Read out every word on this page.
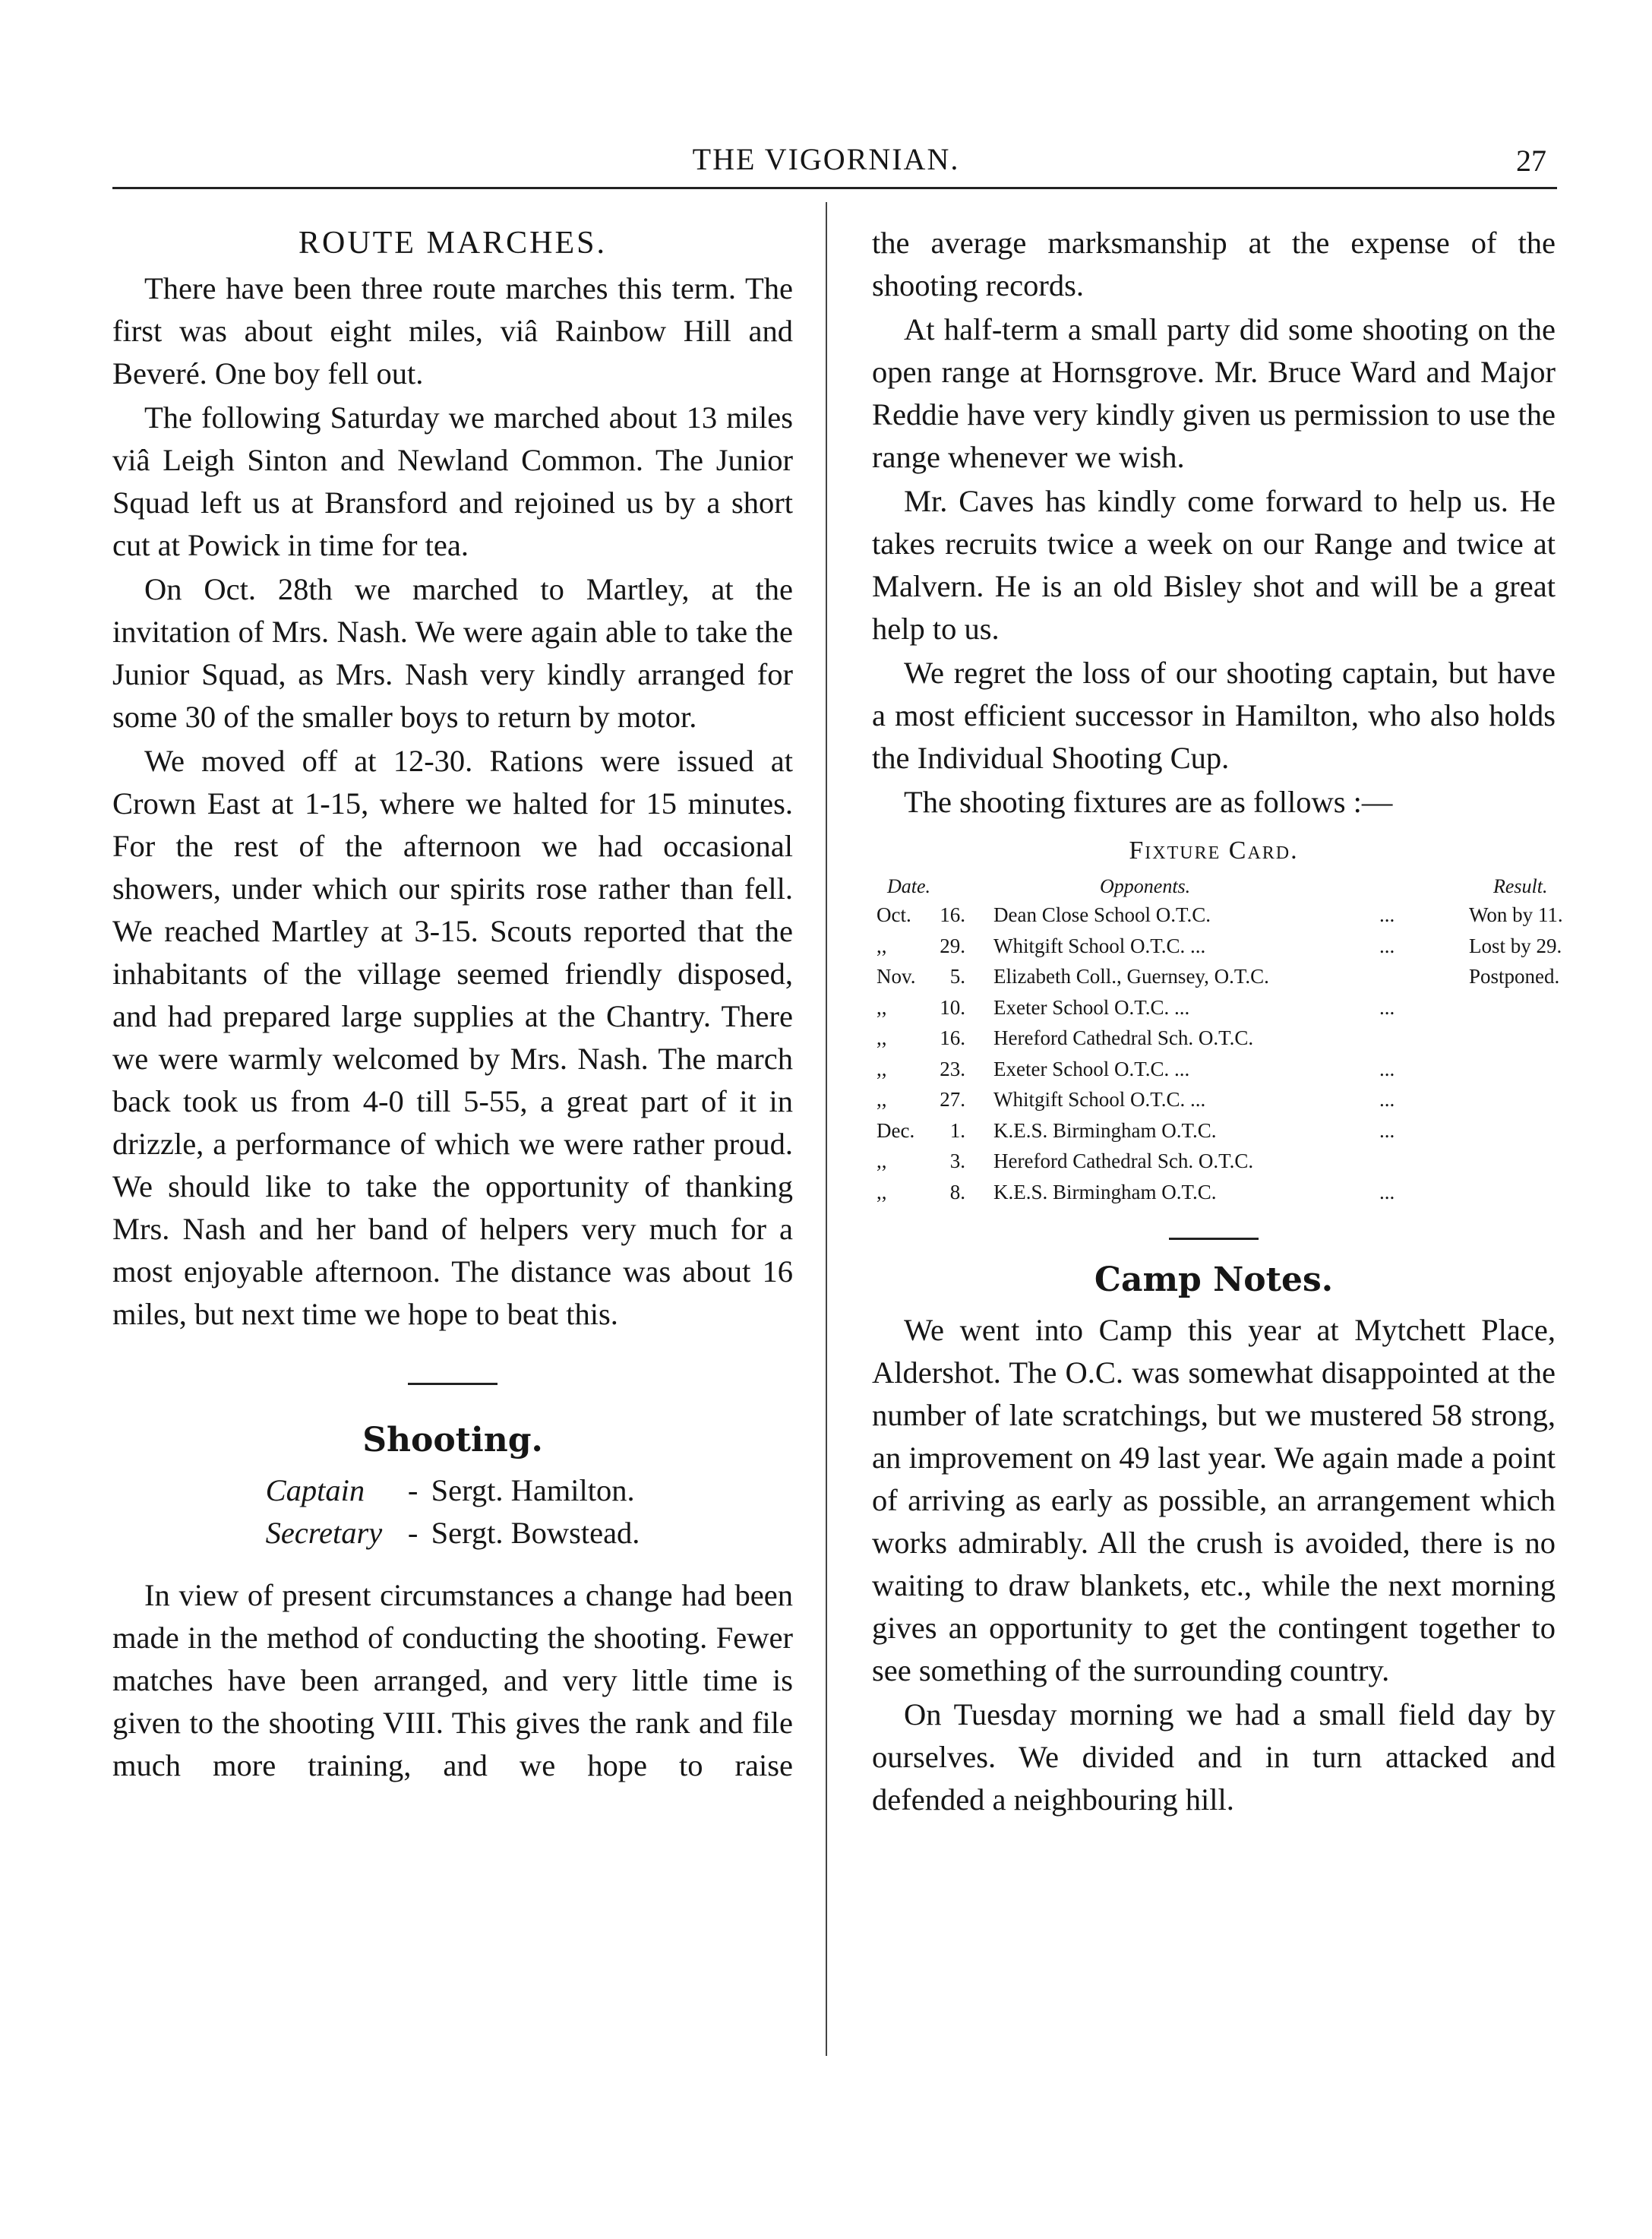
THE VIGORNIAN.	27
ROUTE MARCHES.

There have been three route marches this term. The first was about eight miles, viâ Rainbow Hill and Beveré. One boy fell out.

The following Saturday we marched about 13 miles viâ Leigh Sinton and Newland Common. The Junior Squad left us at Bransford and rejoined us by a short cut at Powick in time for tea.

On Oct. 28th we marched to Martley, at the invitation of Mrs. Nash. We were again able to take the Junior Squad, as Mrs. Nash very kindly arranged for some 30 of the smaller boys to return by motor.

We moved off at 12-30. Rations were issued at Crown East at 1-15, where we halted for 15 minutes. For the rest of the afternoon we had occasional showers, under which our spirits rose rather than fell. We reached Martley at 3-15. Scouts reported that the inhabitants of the village seemed friendly disposed, and had prepared large supplies at the Chantry. There we were warmly welcomed by Mrs. Nash. The march back took us from 4-0 till 5-55, a great part of it in drizzle, a performance of which we were rather proud. We should like to take the opportunity of thanking Mrs. Nash and her band of helpers very much for a most enjoyable afternoon. The distance was about 16 miles, but next time we hope to beat this.

Shooting.
Captain	- Sergt. Hamilton.
Secretary - Sergt. Bowstead.

In view of present circumstances a change had been made in the method of conducting the shooting. Fewer matches have been arranged, and very little time is given to the shooting VIII. This gives the rank and file much more training, and we hope to raise

the average marksmanship at the expense of the shooting records.

At half-term a small party did some shooting on the open range at Hornsgrove. Mr. Bruce Ward and Major Reddie have very kindly given us permission to use the range whenever we wish.

Mr. Caves has kindly come forward to help us. He takes recruits twice a week on our Range and twice at Malvern. He is an old Bisley shot and will be a great help to us.

We regret the loss of our shooting captain, but have a most efficient successor in Hamilton, who also holds the Individual Shooting Cup.

The shooting fixtures are as follows :—

Fixture Card.
Date.	Opponents.	Result.
Oct.	16. Dean Close School O.T.C.	...	Won by 11.
,,	29. Whitgift School O.T.C. ...	...	Lost by 29.
Nov.	5. Elizabeth Coll., Guernsey, O.T.C.	Postponed.
,,	10. Exeter School O.T.C. ...	...
,,	16. Hereford Cathedral Sch. O.T.C.
,,	23. Exeter School O.T.C. ...	...
,,	27. Whitgift School O.T.C. ...	...
Dec.	1. K.E.S. Birmingham O.T.C.	...
,,	3. Hereford Cathedral Sch. O.T.C.
,,	8. K.E.S. Birmingham O.T.C.	...
Camp Notes.

We went into Camp this year at Mytchett Place, Aldershot. The O.C. was somewhat disappointed at the number of late scratchings, but we mustered 58 strong, an improvement on 49 last year. We again made a point of arriving as early as possible, an arrangement which works admirably. All the crush is avoided, there is no waiting to draw blankets, etc., while the next morning gives an opportunity to get the contingent together to see something of the surrounding country.

On Tuesday morning we had a small field day by ourselves. We divided and in turn attacked and defended a neighbouring hill.
